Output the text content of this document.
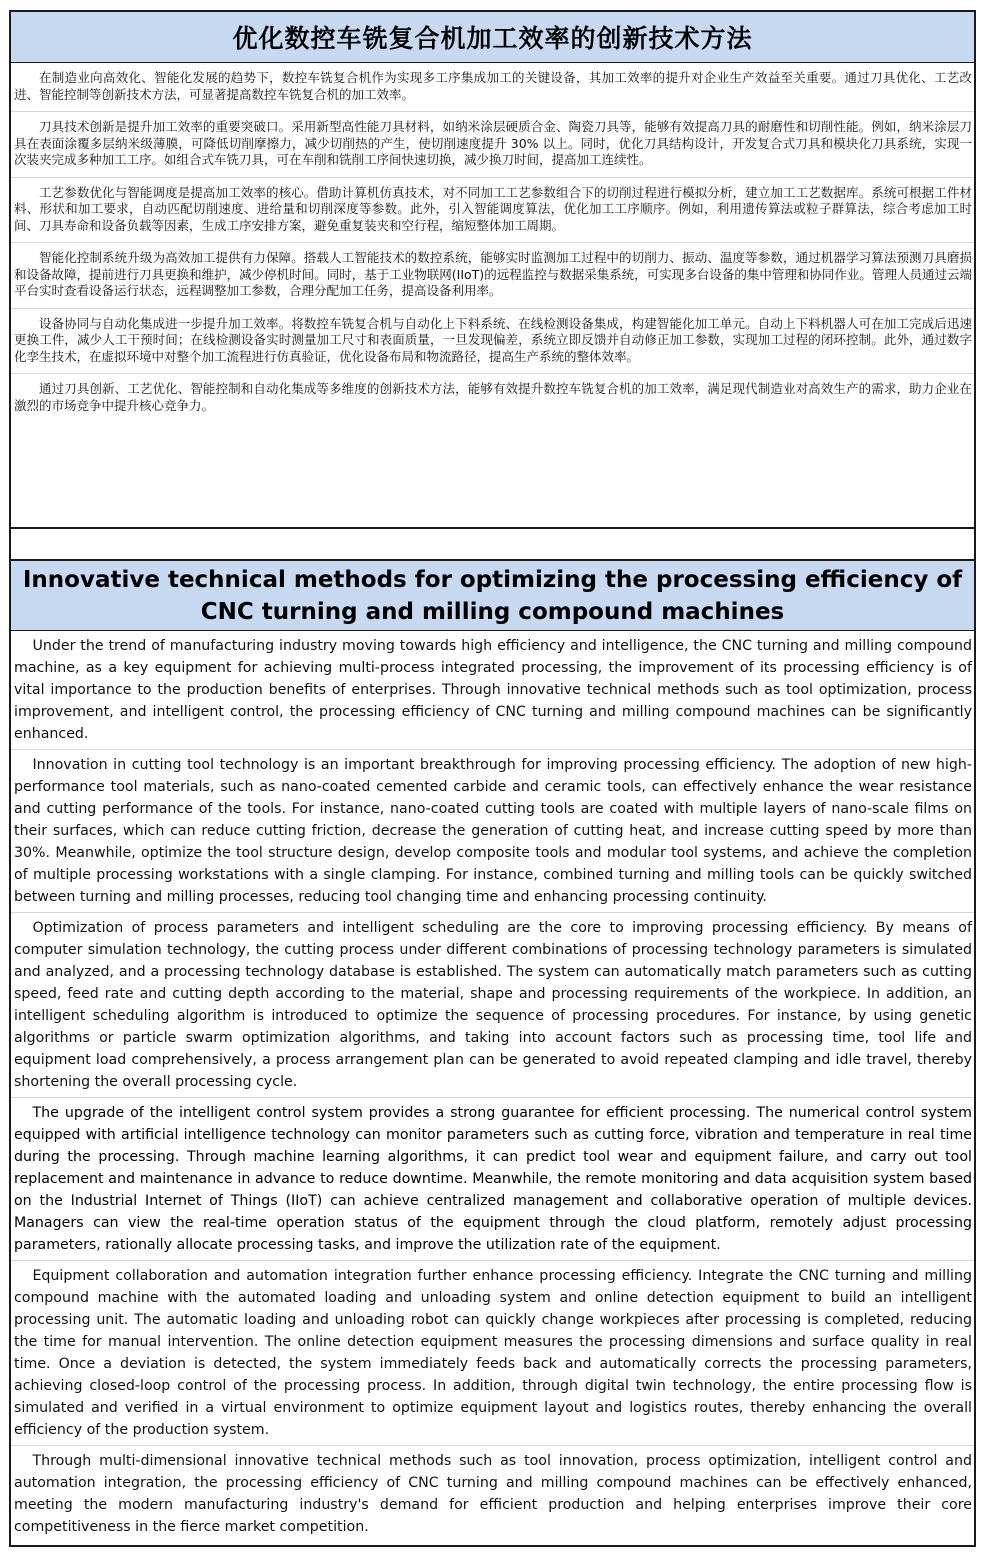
优化数控车铣复合机加工效率的创新技术方法
在制造业向高效化、智能化发展的趋势下，数控车铣复合机作为实现多工序集成加工的关键设备，其加工效率的提升对企业生产效益至关重要。通过刀具优化、工艺改进、智能控制等创新技术方法，可显著提高数控车铣复合机的加工效率。
刀具技术创新是提升加工效率的重要突破口。采用新型高性能刀具材料，如纳米涂层硬质合金、陶瓷刀具等，能够有效提高刀具的耐磨性和切削性能。例如，纳米涂层刀具在表面涂覆多层纳米级薄膜，可降低切削摩擦力，减少切削热的产生，使切削速度提升 30% 以上。同时，优化刀具结构设计，开发复合式刀具和模块化刀具系统，实现一次装夹完成多种加工工序。如组合式车铣刀具，可在车削和铣削工序间快速切换，减少换刀时间，提高加工连续性。
工艺参数优化与智能调度是提高加工效率的核心。借助计算机仿真技术，对不同加工工艺参数组合下的切削过程进行模拟分析，建立加工工艺数据库。系统可根据工件材料、形状和加工要求，自动匹配切削速度、进给量和切削深度等参数。此外，引入智能调度算法，优化加工工序顺序。例如，利用遗传算法或粒子群算法，综合考虑加工时间、刀具寿命和设备负载等因素，生成工序安排方案，避免重复装夹和空行程，缩短整体加工周期。
智能化控制系统升级为高效加工提供有力保障。搭载人工智能技术的数控系统，能够实时监测加工过程中的切削力、振动、温度等参数，通过机器学习算法预测刀具磨损和设备故障，提前进行刀具更换和维护，减少停机时间。同时，基于工业物联网(IIoT)的远程监控与数据采集系统，可实现多台设备的集中管理和协同作业。管理人员通过云端平台实时查看设备运行状态，远程调整加工参数，合理分配加工任务，提高设备利用率。
设备协同与自动化集成进一步提升加工效率。将数控车铣复合机与自动化上下料系统、在线检测设备集成，构建智能化加工单元。自动上下料机器人可在加工完成后迅速更换工件，减少人工干预时间；在线检测设备实时测量加工尺寸和表面质量，一旦发现偏差，系统立即反馈并自动修正加工参数，实现加工过程的闭环控制。此外，通过数字化孪生技术，在虚拟环境中对整个加工流程进行仿真验证，优化设备布局和物流路径，提高生产系统的整体效率。
通过刀具创新、工艺优化、智能控制和自动化集成等多维度的创新技术方法，能够有效提升数控车铣复合机的加工效率，满足现代制造业对高效生产的需求，助力企业在激烈的市场竞争中提升核心竞争力。
Innovative technical methods for optimizing the processing efficiency of CNC turning and milling compound machines
Under the trend of manufacturing industry moving towards high efficiency and intelligence, the CNC turning and milling compound machine, as a key equipment for achieving multi-process integrated processing, the improvement of its processing efficiency is of vital importance to the production benefits of enterprises. Through innovative technical methods such as tool optimization, process improvement, and intelligent control, the processing efficiency of CNC turning and milling compound machines can be significantly enhanced.
Innovation in cutting tool technology is an important breakthrough for improving processing efficiency. The adoption of new high-performance tool materials, such as nano-coated cemented carbide and ceramic tools, can effectively enhance the wear resistance and cutting performance of the tools. For instance, nano-coated cutting tools are coated with multiple layers of nano-scale films on their surfaces, which can reduce cutting friction, decrease the generation of cutting heat, and increase cutting speed by more than 30%. Meanwhile, optimize the tool structure design, develop composite tools and modular tool systems, and achieve the completion of multiple processing workstations with a single clamping. For instance, combined turning and milling tools can be quickly switched between turning and milling processes, reducing tool changing time and enhancing processing continuity.
Optimization of process parameters and intelligent scheduling are the core to improving processing efficiency. By means of computer simulation technology, the cutting process under different combinations of processing technology parameters is simulated and analyzed, and a processing technology database is established. The system can automatically match parameters such as cutting speed, feed rate and cutting depth according to the material, shape and processing requirements of the workpiece. In addition, an intelligent scheduling algorithm is introduced to optimize the sequence of processing procedures. For instance, by using genetic algorithms or particle swarm optimization algorithms, and taking into account factors such as processing time, tool life and equipment load comprehensively, a process arrangement plan can be generated to avoid repeated clamping and idle travel, thereby shortening the overall processing cycle.
The upgrade of the intelligent control system provides a strong guarantee for efficient processing. The numerical control system equipped with artificial intelligence technology can monitor parameters such as cutting force, vibration and temperature in real time during the processing. Through machine learning algorithms, it can predict tool wear and equipment failure, and carry out tool replacement and maintenance in advance to reduce downtime. Meanwhile, the remote monitoring and data acquisition system based on the Industrial Internet of Things (IIoT) can achieve centralized management and collaborative operation of multiple devices. Managers can view the real-time operation status of the equipment through the cloud platform, remotely adjust processing parameters, rationally allocate processing tasks, and improve the utilization rate of the equipment.
Equipment collaboration and automation integration further enhance processing efficiency. Integrate the CNC turning and milling compound machine with the automated loading and unloading system and online detection equipment to build an intelligent processing unit. The automatic loading and unloading robot can quickly change workpieces after processing is completed, reducing the time for manual intervention. The online detection equipment measures the processing dimensions and surface quality in real time. Once a deviation is detected, the system immediately feeds back and automatically corrects the processing parameters, achieving closed-loop control of the processing process. In addition, through digital twin technology, the entire processing flow is simulated and verified in a virtual environment to optimize equipment layout and logistics routes, thereby enhancing the overall efficiency of the production system.
Through multi-dimensional innovative technical methods such as tool innovation, process optimization, intelligent control and automation integration, the processing efficiency of CNC turning and milling compound machines can be effectively enhanced, meeting the modern manufacturing industry's demand for efficient production and helping enterprises improve their core competitiveness in the fierce market competition.
